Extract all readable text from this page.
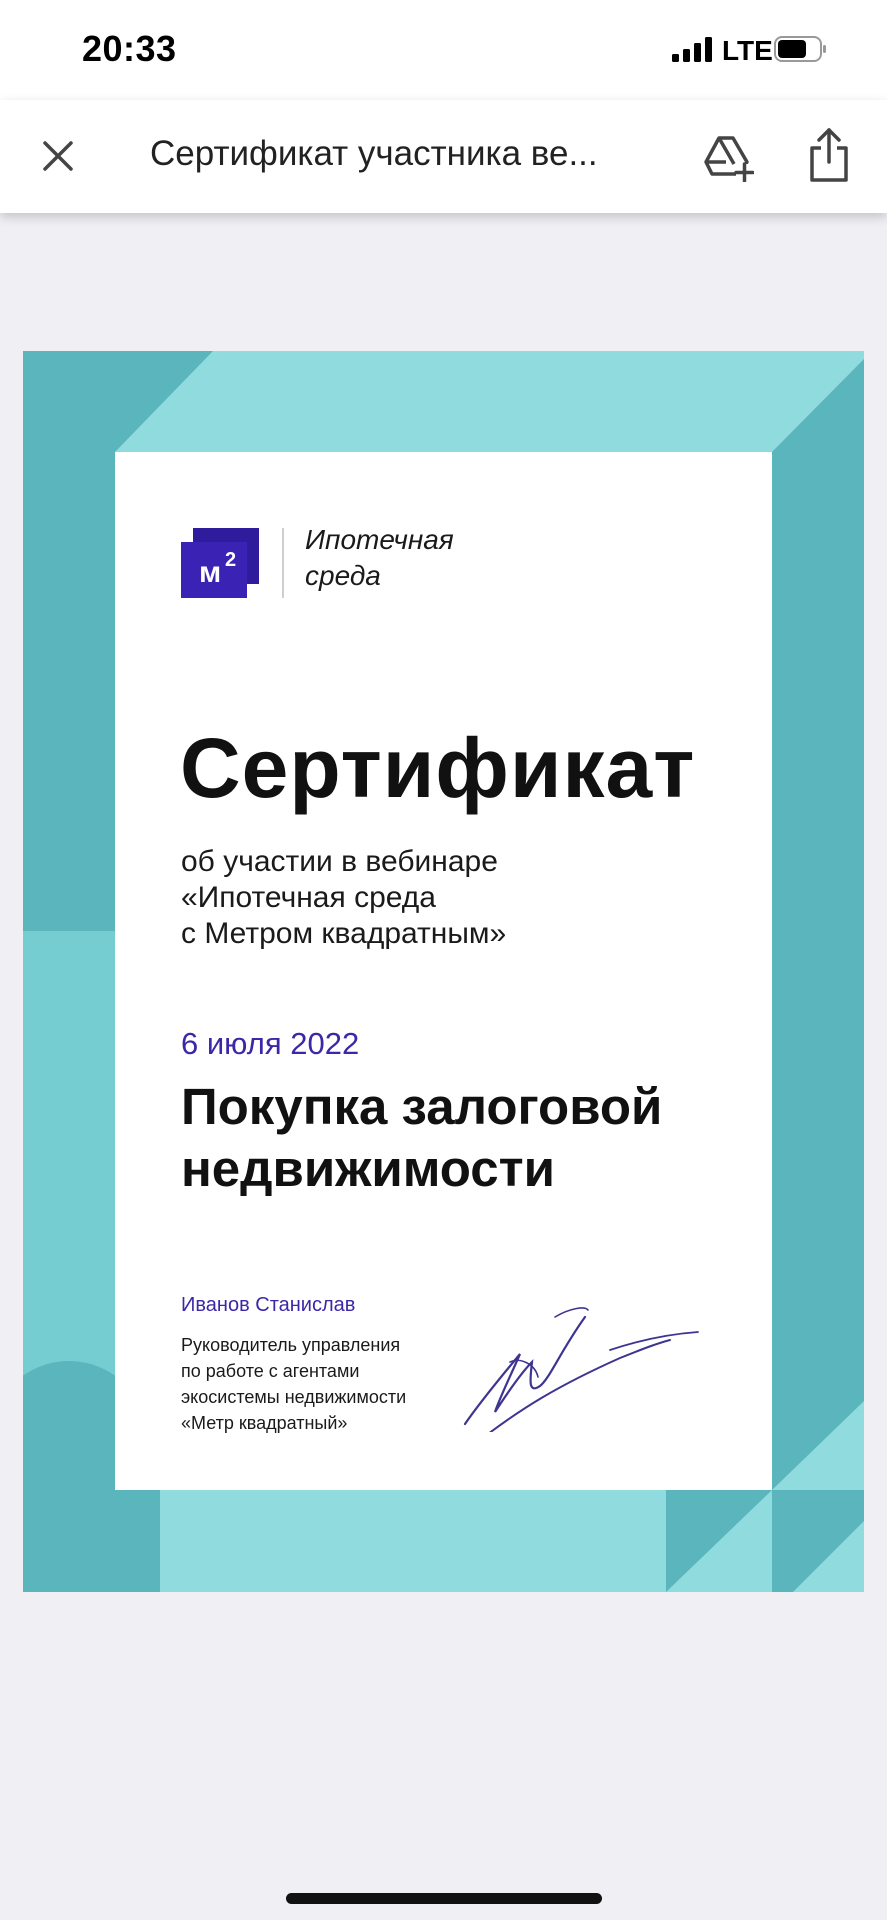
20:33	LTE
Сертификат участника ве...
м 2
Ипотечная
среда
Сертификат
об участии в вебинаре
«Ипотечная среда
с Метром квадратным»
6 июля 2022
Покупка залоговой
недвижимости
Иванов Станислав
Руководитель управления
по работе с агентами
экосистемы недвижимости
«Метр квадратный»
